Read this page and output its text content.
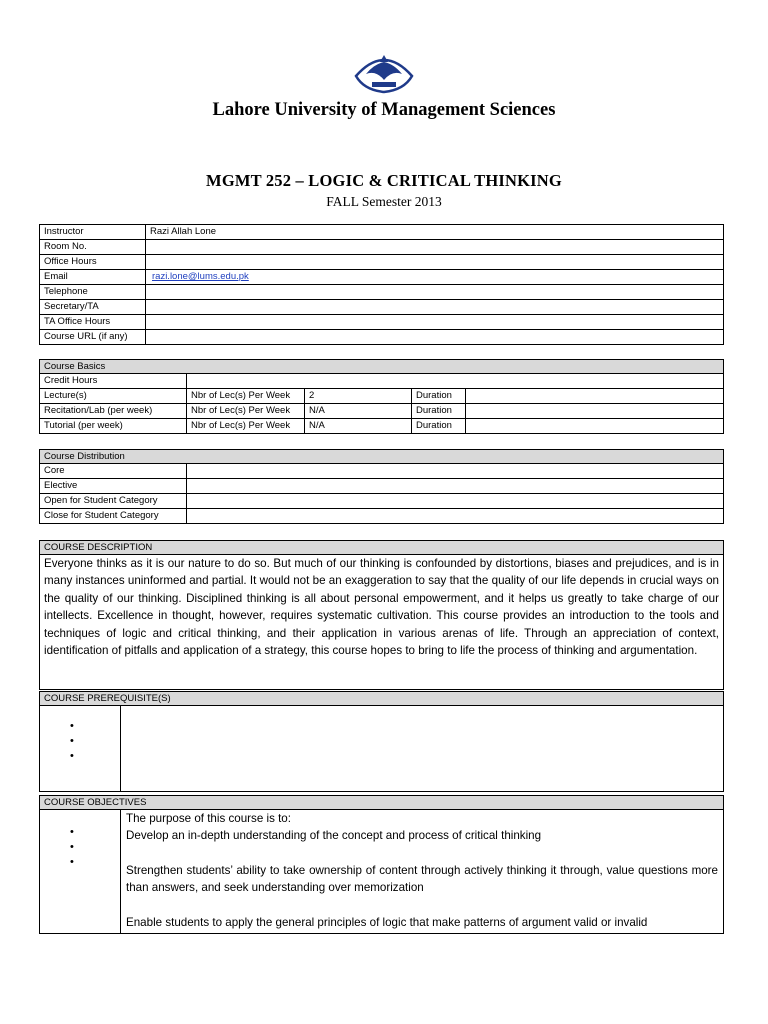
Lahore University of Management Sciences
MGMT 252 – LOGIC & CRITICAL THINKING
FALL Semester 2013
Instructor	Razi Allah Lone
Room No.	
Office Hours	
Email	razi.lone@lums.edu.pk
Telephone	
Secretary/TA	
TA Office Hours	
Course URL (if any)	
Course Basics				
Credit Hours				
Lecture(s)	Nbr of Lec(s) Per Week	2	Duration	
Recitation/Lab (per week)	Nbr of Lec(s) Per Week	N/A	Duration	
Tutorial (per week)	Nbr of Lec(s) Per Week	N/A	Duration	
Course Distribution	
Core	
Elective	
Open for Student Category	
Close for Student Category	
COURSE DESCRIPTION
Everyone thinks as it is our nature to do so. But much of our thinking is confounded by distortions, biases and prejudices, and is in many instances uninformed and partial. It would not be an exaggeration to say that the quality of our life depends in crucial ways on the quality of our thinking. Disciplined thinking is all about personal empowerment, and it helps us greatly to take charge of our intellects. Excellence in thought, however, requires systematic cultivation. This course provides an introduction to the tools and techniques of logic and critical thinking, and their application in various arenas of life. Through an appreciation of context, identification of pitfalls and application of a strategy, this course hopes to bring to life the process of thinking and argumentation.
COURSE PREREQUISITE(S)

•
•
•

COURSE OBJECTIVES

•
•
•

The purpose of this course is to:

Develop an in-depth understanding of the concept and process of critical thinking

Strengthen students’ ability to take ownership of content through actively thinking it through, value questions more than answers, and seek understanding over memorization

Enable students to apply the general principles of logic that make patterns of argument valid or invalid
